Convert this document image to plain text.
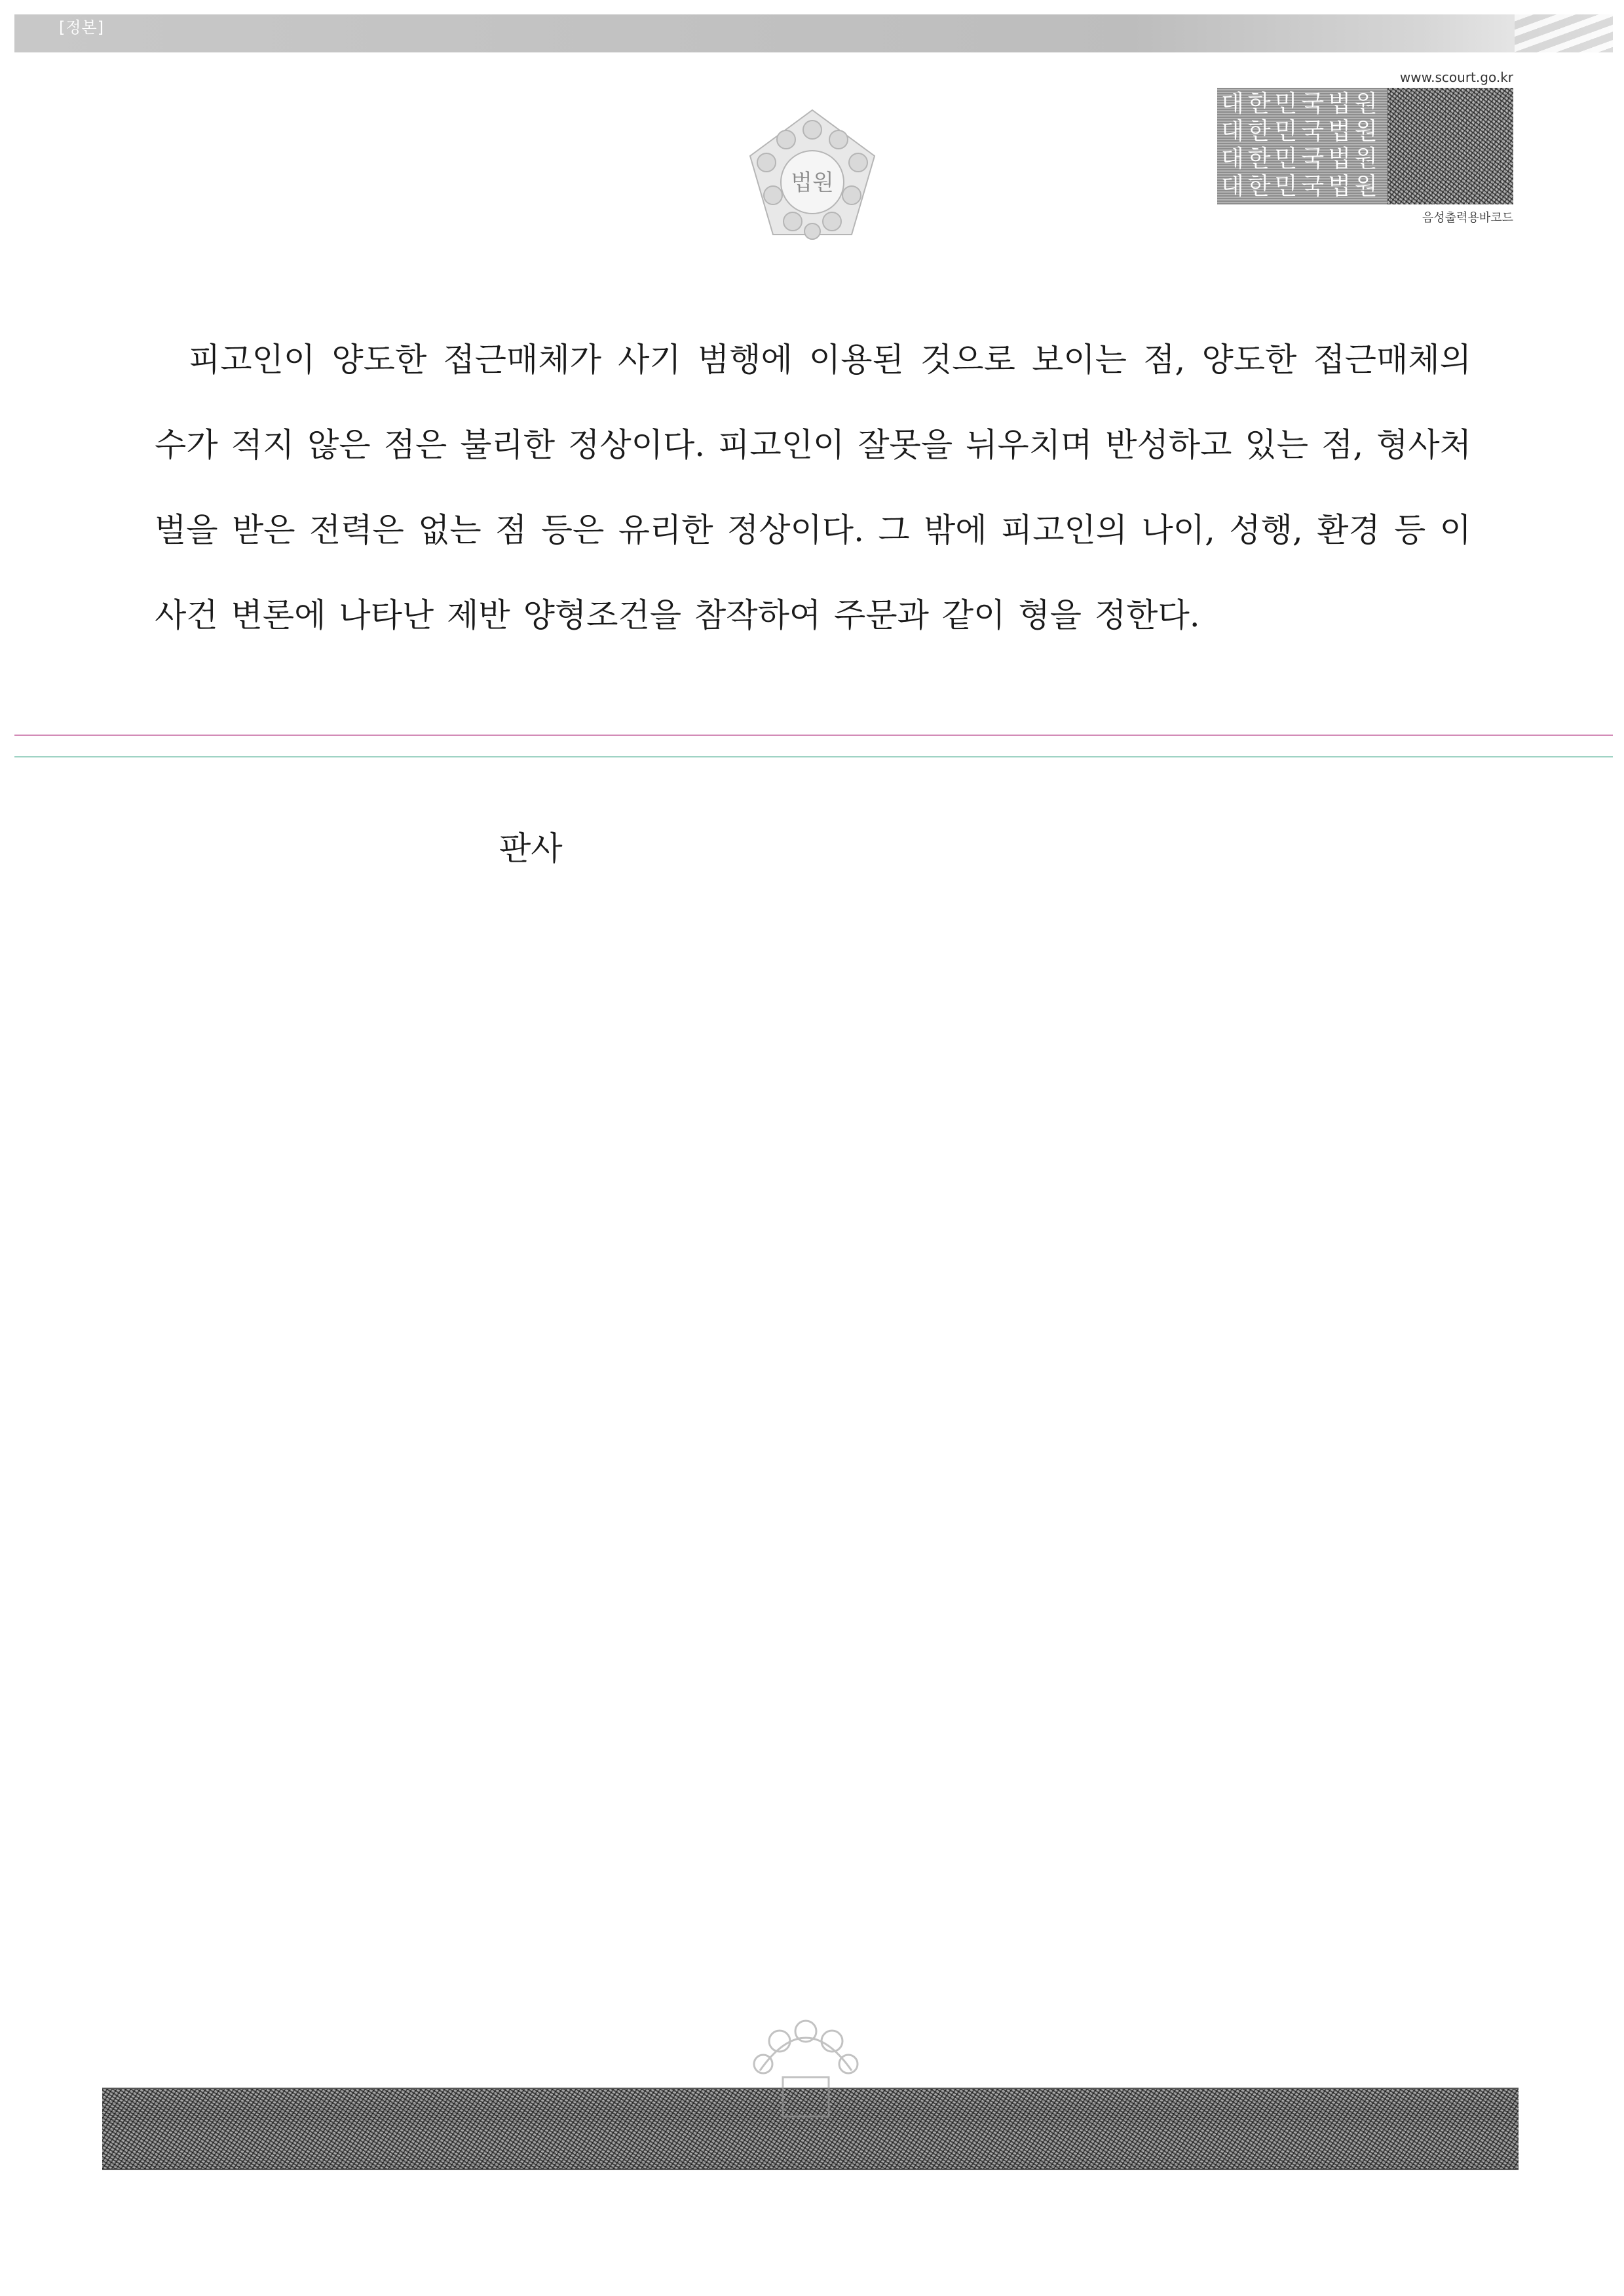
[정본]
법원
www.scourt.go.kr
대한민국법원
대한민국법원
대한민국법원
대한민국법원
음성출력용바코드
피고인이 양도한 접근매체가 사기 범행에 이용된 것으로 보이는 점, 양도한 접근매체의 수가 적지 않은 점은 불리한 정상이다. 피고인이 잘못을 뉘우치며 반성하고 있는 점, 형사처벌을 받은 전력은 없는 점 등은 유리한 정상이다. 그 밖에 피고인의 나이, 성행, 환경 등 이 사건 변론에 나타난 제반 양형조건을 참작하여 주문과 같이 형을 정한다.
판사
